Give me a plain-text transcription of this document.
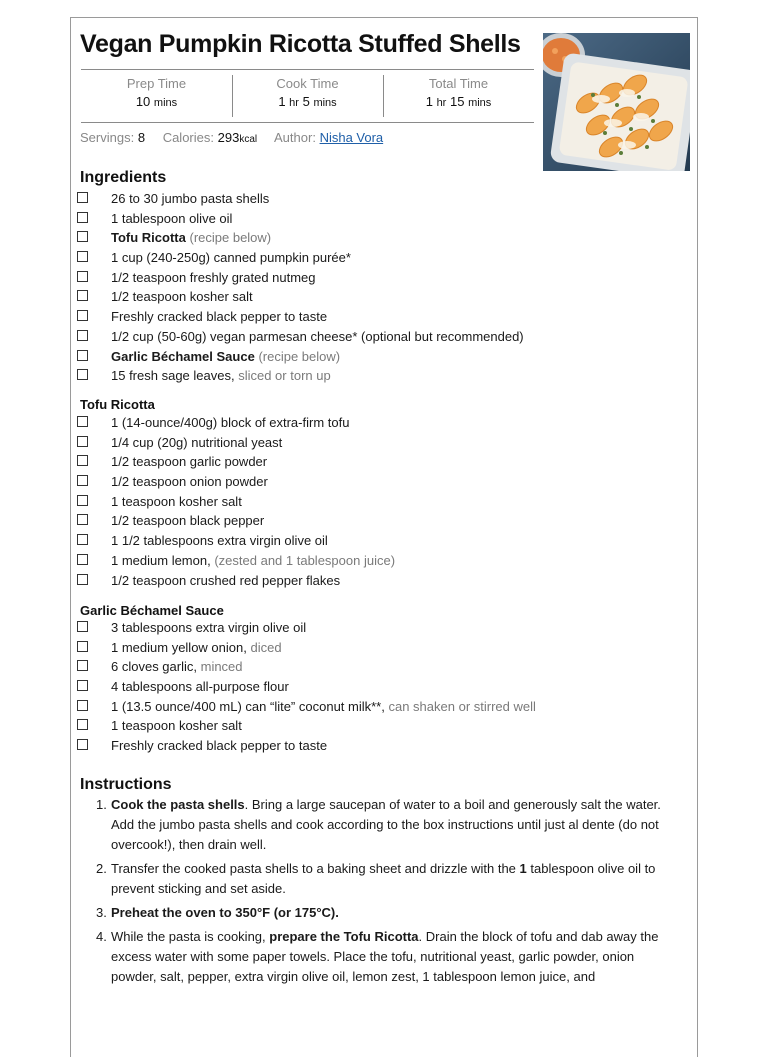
Vegan Pumpkin Ricotta Stuffed Shells
Prep Time
10 mins
Cook Time
1 hr 5 mins
Total Time
1 hr 15 mins
Servings: 8 Calories: 293kcal Author: Nisha Vora
Ingredients
26 to 30 jumbo pasta shells
1 tablespoon olive oil
Tofu Ricotta (recipe below)
1 cup (240-250g) canned pumpkin purée*
1/2 teaspoon freshly grated nutmeg
1/2 teaspoon kosher salt
Freshly cracked black pepper to taste
1/2 cup (50-60g) vegan parmesan cheese* (optional but recommended)
Garlic Béchamel Sauce (recipe below)
15 fresh sage leaves, sliced or torn up
Tofu Ricotta
1 (14-ounce/400g) block of extra-firm tofu
1/4 cup (20g) nutritional yeast
1/2 teaspoon garlic powder
1/2 teaspoon onion powder
1 teaspoon kosher salt
1/2 teaspoon black pepper
1 1/2 tablespoons extra virgin olive oil
1 medium lemon, (zested and 1 tablespoon juice)
1/2 teaspoon crushed red pepper flakes
Garlic Béchamel Sauce
3 tablespoons extra virgin olive oil
1 medium yellow onion, diced
6 cloves garlic, minced
4 tablespoons all-purpose flour
1 (13.5 ounce/400 mL) can “lite” coconut milk**, can shaken or stirred well
1 teaspoon kosher salt
Freshly cracked black pepper to taste
Instructions
1. Cook the pasta shells. Bring a large saucepan of water to a boil and generously salt the water. Add the jumbo pasta shells and cook according to the box instructions until just al dente (do not overcook!), then drain well.
2. Transfer the cooked pasta shells to a baking sheet and drizzle with the 1 tablespoon olive oil to prevent sticking and set aside.
3. Preheat the oven to 350°F (or 175°C).
4. While the pasta is cooking, prepare the Tofu Ricotta. Drain the block of tofu and dab away the excess water with some paper towels. Place the tofu, nutritional yeast, garlic powder, onion powder, salt, pepper, extra virgin olive oil, lemon zest, 1 tablespoon lemon juice, and
